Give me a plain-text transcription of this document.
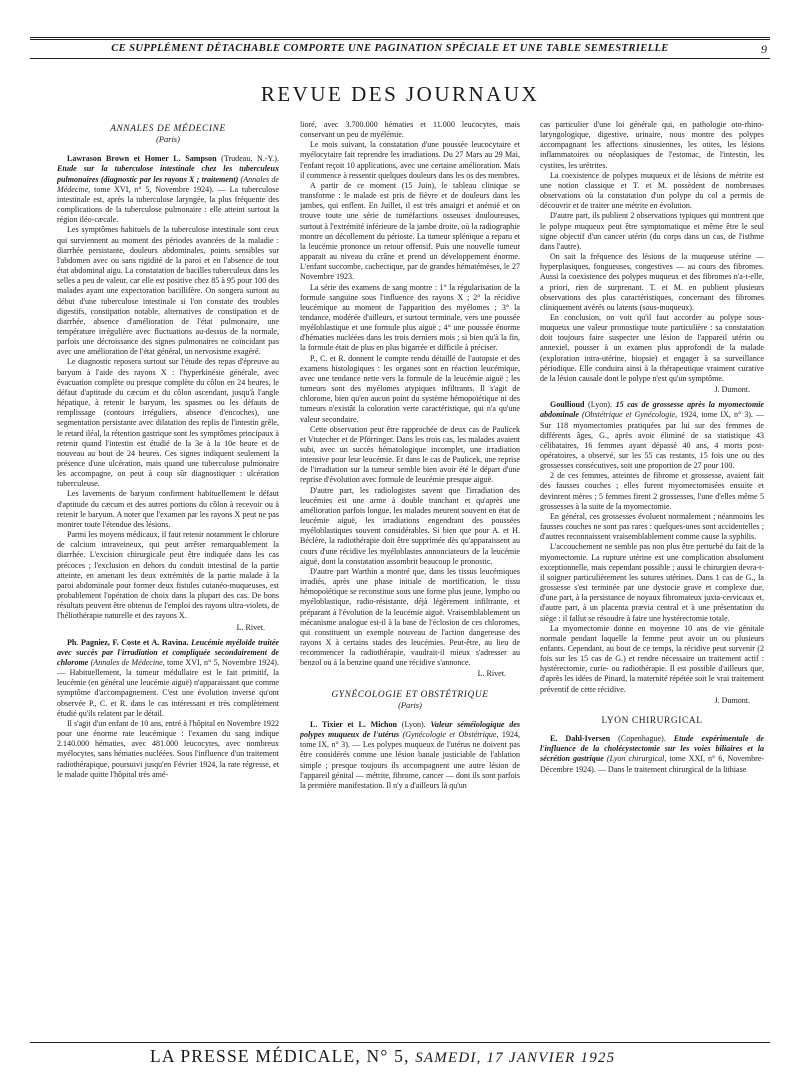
CE SUPPLÉMENT DÉTACHABLE COMPORTE UNE PAGINATION SPÉCIALE ET UNE TABLE SEMESTRIELLE	9
REVUE DES JOURNAUX
ANNALES DE MÉDECINE
(Paris)

Lawrason Brown et Homer L. Sampson (Trudeau, N.-Y.). Etude sur la tuberculose intestinale chez les tuberculeux pulmonaires (diagnostic par les rayons X ; traitement) (Annales de Médecine, tome XVI, n° 5, Novembre 1924). — La tuberculose intestinale est, après la tuberculose laryngée, la plus fréquente des complications de la tuberculose pulmonaire : elle atteint surtout la région iléo-cæcale.

Les symptômes habituels de la tuberculose intestinale sont ceux qui surviennent au moment des périodes avancées de la maladie : diarrhée persistante, douleurs abdominales, points sensibles sur l'abdomen avec ou sans rigidité de la paroi et en l'absence de tout état abdominal aigu. La constatation de bacilles tuberculeux dans les selles a peu de valeur, car elle est positive chez 85 à 95 pour 100 des malades ayant une expectoration bacillifère. On songera surtout au début d'une tuberculose intestinale si l'on constate des troubles digestifs, constipation notable, alternatives de constipation et de diarrhée, absence d'amélioration de l'état pulmonaire, une température irrégulière avec fluctuations au-dessus de la normale, parfois une décroissance des signes pulmonaires ne coïncidant pas avec une amélioration de l'état général, un nervosisme exagéré.

Le diagnostic reposera surtout sur l'étude des repas d'épreuve au baryum à l'aide des rayons X : l'hyperkinésie générale, avec évacuation complète ou presque complète du côlon en 24 heures, le défaut d'aptitude du cæcum et du côlon ascendant, jusqu'à l'angle hépatique, à retenir le baryum, les spasmes ou les défauts de remplissage (contours irréguliers, absence d'encoches), une segmentation persistante avec dilatation des replis de l'intestin grêle, le retard iléal, la rétention gastrique sont les symptômes principaux à retenir quand l'intestin est étudié de la 3e à la 10e heure et de nouveau au bout de 24 heures. Ces signes indiquent seulement la présence d'une ulcération, mais quand une tuberculose pulmonaire les accompagne, on peut à coup sûr diagnostiquer : ulcération tuberculeuse.

Les lavements de baryum confirment habituellement le défaut d'aptitude du cæcum et des autres portions du côlon à recevoir ou à retenir le baryum. A noter que l'examen par les rayons X peut ne pas montrer toute l'étendue des lésions.

Parmi les moyens médicaux, il faut retenir notamment le chlorure de calcium intraveineux, qui peut arrêter remarquablement la diarrhée. L'excision chirurgicale peut être indiquée dans les cas précoces ; l'exclusion en dehors du conduit intestinal de la partie atteinte, en amenant les deux extrémités de la partie malade à la paroi abdominale pour former deux fistules cutanéo-muqueuses, est probablement l'opération de choix dans la plupart des cas. De bons résultats peuvent être obtenus de l'emploi des rayons ultra-violets, de l'héliothérapie naturelle et des rayons X.

L. Rivet.

Ph. Pagniez, F. Coste et A. Ravina. Leucémie myéloïde traitée avec succès par l'irradiation et compliquée secondairement de chlorome (Annales de Médecine, tome XVI, n° 5, Novembre 1924). — Habituellement, la tumeur médullaire est le fait primitif, la leucémie (en général une leucémie aiguë) n'apparaissant que comme symptôme d'accompagnement. C'est une évolution inverse qu'ont observée P., C. et R. dans le cas intéressant et très complètement étudié qu'ils relatent par le détail.

Il s'agit d'un enfant de 10 ans, entré à l'hôpital en Novembre 1922 pour une énorme rate leucémique : l'examen du sang indique 2.140.000 hématies, avec 481.000 leucocytes, avec nombreux myélocytes, sans hématies nucléées. Sous l'influence d'un traitement radiothérapique, poursuivi jusqu'en Février 1924, la rate régresse, et le malade quitte l'hôpital très amé-

lioré, avec 3.700.000 hématies et 11.000 leucocytes, mais conservant un peu de myélémie.

Le mois suivant, la constatation d'une poussée leucocytaire et myélocytaire fait reprendre les irradiations. Du 27 Mars au 29 Mai, l'enfant reçoit 10 applications, avec une certaine amélioration. Mais il commence à ressentir quelques douleurs dans les os des membres.

A partir de ce moment (15 Juin), le tableau clinique se transforme : le malade est pris de fièvre et de douleurs dans les jambes, qui enflent. En Juillet, il est très amaigri et anémié et on trouve toute une série de tuméfactions osseuses douloureuses, surtout à l'extrémité inférieure de la jambe droite, où la radiographie montre un décollement du périoste. La tumeur splénique a reparu et la leucémie prononce un retour offensif. Puis une nouvelle tumeur apparait au niveau du crâne et prend un développement énorme. L'enfant succombe, cachectique, par de grandes hématémèses, le 27 Novembre 1923.

La série des examens de sang montre : 1° la régularisation de la formule sanguine sous l'influence des rayons X ; 2° la récidive leucémique au moment de l'apparition des myélomes ; 3° la tendance, modérée d'ailleurs, et surtout terminale, vers une poussée myéloblastique et une formule plus aiguë ; 4° une poussée énorme d'hématies nucléées dans les trois derniers mois ; si bien qu'à la fin, la formule était de plus en plus bigarrée et difficile à préciser.

P., C. et R. donnent le compte rendu détaillé de l'autopsie et des examens histologiques : les organes sont en réaction leucémique, avec une tendance nette vers la formule de la leucémie aiguë ; les tumeurs sont des myélomes atypiques infiltrants. Il s'agit de chlorome, bien qu'en aucun point du système hémopoïétique ni des tumeurs n'existât la coloration verte caractéristique, qui n'a qu'une valeur secondaire.

Cette observation peut être rapprochée de deux cas de Paulicek et Vtutecher et de Pförringer. Dans les trois cas, les malades avaient subi, avec un succès hématologique incomplet, une irradiation intensive pour leur leucémie. Et dans le cas de Paulicek, une reprise de l'irradiation sur la tumeur semble bien avoir été le départ d'une reprise d'évolution avec formule de leucémie presque aiguë.

D'autre part, les radiologistes savent que l'irradiation des leucémies est une arme à double tranchant et qu'après une amélioration parfois longue, les malades meurent souvent en état de leucémie aiguë, les irradiations engendrant des poussées myéloblastiques souvent considérables. Si bien que pour A. et H. Béclère, la radiothérapie doit être supprimée dès qu'apparaissent au cours d'une récidive les myéloblastes annonciateurs de la leucémie aiguë, dont la constatation assombrit beaucoup le pronostic.

D'autre part Warthin a montré que, dans les tissus leucémiques irradiés, après une phase initiale de mortification, le tissu hémopoïétique se reconstitue sous une forme plus jeune, lympho ou myéloblastique, radio-résistante, déjà légèrement infiltrante, et préparant à l'évolution de la leucémie aiguë. Vraisemblablement un mécanisme analogue est-il à la base de l'éclosion de ces chloromes, qui constituent un exemple nouveau de l'action dangereuse des rayons X à certains stades des leucémies. Peut-être, au lieu de recommencer la radiothérapie, vaudrait-il mieux s'adresser au benzol ou à la benzine quand une récidive s'annonce.

L. Rivet.
GYNÉCOLOGIE ET OBSTÉTRIQUE
(Paris)

L. Tixier et L. Michon (Lyon). Valeur séméiologique des polypes muqueux de l'utérus (Gynécologie et Obstétrique, 1924, tome IX, n° 3). — Les polypes muqueux de l'utérus ne doivent pas être considérés comme une lésion banale justiciable de l'ablation simple ; presque toujours ils accompagnent une autre lésion de l'appareil génital — métrite, fibrome, cancer — dont ils sont parfois la première manifestation. Il n'y a d'ailleurs là qu'un

cas particulier d'une loi générale qui, en pathologie oto-rhino-laryngologique, digestive, urinaire, nous montre des polypes accompagnant les affections sinusiennes, les otites, les lésions inflammatoires ou néoplasiques de l'estomac, de l'intestin, les cystites, les urétrites.

La coexistence de polypes muqueux et de lésions de métrite est une notion classique et T. et M. possèdent de nombreuses observations où la constatation d'un polype du col a permis de découvrir et de traiter une métrite en évolution.

D'autre part, ils publient 2 observations typiques qui montrent que le polype muqueux peut être symptomatique et même être le seul signe objectif d'un cancer utérin (du corps dans un cas, de l'isthme dans l'autre).

On sait la fréquence des lésions de la muqueuse utérine — hyperplasiques, fongueuses, congestives — au cours des fibromes. Aussi la coexistence des polypes muqueux et des fibromes n'a-t-elle, a priori, rien de surprenant. T. et M. en publient plusieurs observations des plus caractéristiques, concernant des fibromes cliniquement avérés ou latents (sous-muqueux).

En conclusion, on voit qu'il faut accorder au polype sous-muqueux une valeur pronostique toute particulière : sa constatation doit toujours faire suspecter une lésion de l'appareil utérin ou annexiel, pousser à un examen plus approfondi de la malade (exploration intra-utérine, biopsie) et engager à sa surveillance périodique. Elle conduira ainsi à la thérapeutique vraiment curative de la lésion causale dont le polype n'est qu'un symptôme.

J. Dumont.

Goullioud (Lyon). 15 cas de grossesse après la myomectomie abdominale (Obstétrique et Gynécologie, 1924, tome IX, n° 3). — Sur 118 myomectomies pratiquées par lui sur des femmes de différents âges, G., après avoir éliminé de sa statistique 43 célibataires, 16 femmes ayant dépassé 40 ans, 4 morts post-opératoires, a observé, sur les 55 cas restants, 15 fois une ou des grossesses consécutives, soit une proportion de 27 pour 100.

2 de ces femmes, atteintes de fibrome et grossesse, avaient fait des fausses couches ; elles furent myomectomisées ensuite et devinrent mères ; 5 femmes firent 2 grossesses, l'une d'elles même 5 grossesses à la suite de la myomectomie.

En général, ces grossesses évoluent normalement ; néanmoins les fausses couches ne sont pas rares : quelques-unes sont accidentelles ; d'autres reconnaissent vraisemblablement comme cause la syphilis.

L'accouchement ne semble pas non plus être perturbé du fait de la myomectomie. La rupture utérine est une complication absolument exceptionnelle, mais cependant possible ; aussi le chirurgien devra-t-il soigner particulièrement les sutures utérines. Dans 1 cas de G., la grossesse s'est terminée par une dystocie grave et complexe due, d'une part, à la persistance de noyaux fibromateux juxta-cervicaux et, d'autre part, à un placenta prævia central et à une présentation du siège : il fallut se résoudre à faire une hystérectomie totale.

La myomectomie donne en moyenne 10 ans de vie génitale normale pendant laquelle la femme peut avoir un ou plusieurs enfants. Cependant, au bout de ce temps, la récidive peut survenir (2 fois sur les 15 cas de G.) et rendre nécessaire un traitement actif : hystérectomie, curie- ou radiothérapie. Il est possible d'ailleurs que, d'après les idées de Pinard, la maternité répétée soit le vrai traitement préventif de cette récidive.

J. Dumont.
LYON CHIRURGICAL

E. Dahl-Iversen (Copenhague). Etude expérimentale de l'influence de la cholécystectomie sur les voies biliaires et la sécrétion gastrique (Lyon chirurgical, tome XXI, n° 6, Novembre-Décembre 1924). — Dans le traitement chirurgical de la lithiase

LA PRESSE MÉDICALE, N° 5, SAMEDI, 17 JANVIER 1925
